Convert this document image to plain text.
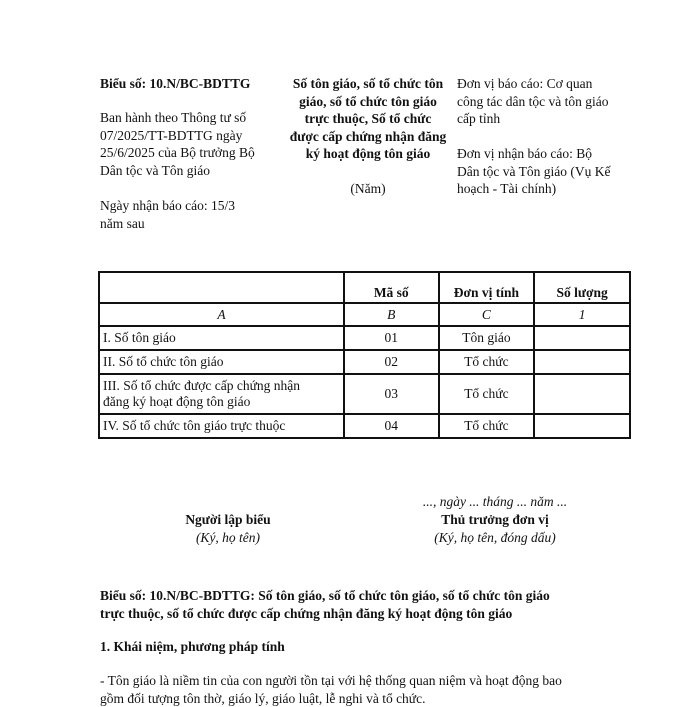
Biểu số: 10.N/BC-BDTTG
Ban hành theo Thông tư số
07/2025/TT-BDTTG ngày
25/6/2025 của Bộ trưởng Bộ
Dân tộc và Tôn giáo
Ngày nhận báo cáo: 15/3
năm sau
Số tôn giáo, số tổ chức tôn
giáo, số tổ chức tôn giáo
trực thuộc, Số tổ chức
được cấp chứng nhận đăng
ký hoạt động tôn giáo
(Năm)
Đơn vị báo cáo: Cơ quan
công tác dân tộc và tôn giáo
cấp tỉnh
Đơn vị nhận báo cáo: Bộ
Dân tộc và Tôn giáo (Vụ Kế
hoạch - Tài chính)
	Mã số	Đơn vị tính	Số lượng
A	B	C	1
I. Số tôn giáo	01	Tôn giáo	
II. Số tổ chức tôn giáo	02	Tổ chức	

III. Số tổ chức được cấp chứng nhận
đăng ký hoạt động tôn giáo	03	Tổ chức	
IV. Số tổ chức tôn giáo trực thuộc	04	Tổ chức	
..., ngày ... tháng ... năm ...
Người lập biểu
(Ký, họ tên)
Thủ trưởng đơn vị
(Ký, họ tên, đóng dấu)
Biểu số: 10.N/BC-BDTTG: Số tôn giáo, số tổ chức tôn giáo, số tổ chức tôn giáo
trực thuộc, số tổ chức được cấp chứng nhận đăng ký hoạt động tôn giáo
1. Khái niệm, phương pháp tính
- Tôn giáo là niềm tin của con người tồn tại với hệ thống quan niệm và hoạt động bao
gồm đối tượng tôn thờ, giáo lý, giáo luật, lễ nghi và tổ chức.
